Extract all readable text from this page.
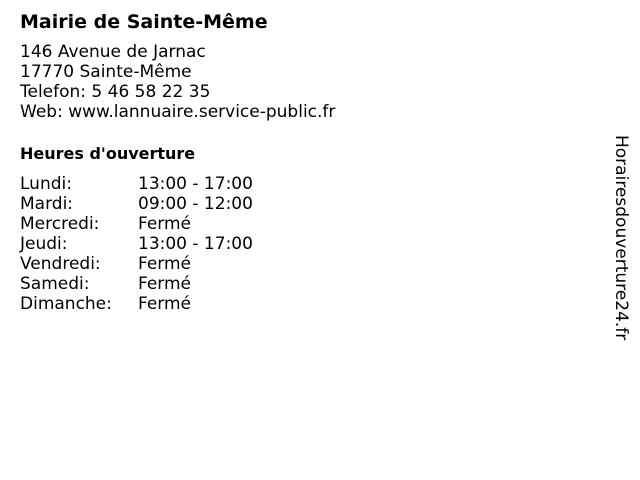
Mairie de Sainte-Même
146 Avenue de Jarnac
17770 Sainte-Même
Telefon: 5 46 58 22 35
Web: www.lannuaire.service-public.fr
Heures d'ouverture
Lundi:	13:00 - 17:00
Mardi:	09:00 - 12:00
Mercredi:	Fermé
Jeudi:	13:00 - 17:00
Vendredi:	Fermé
Samedi:	Fermé
Dimanche:	Fermé	Horairesdouverture24.fr
